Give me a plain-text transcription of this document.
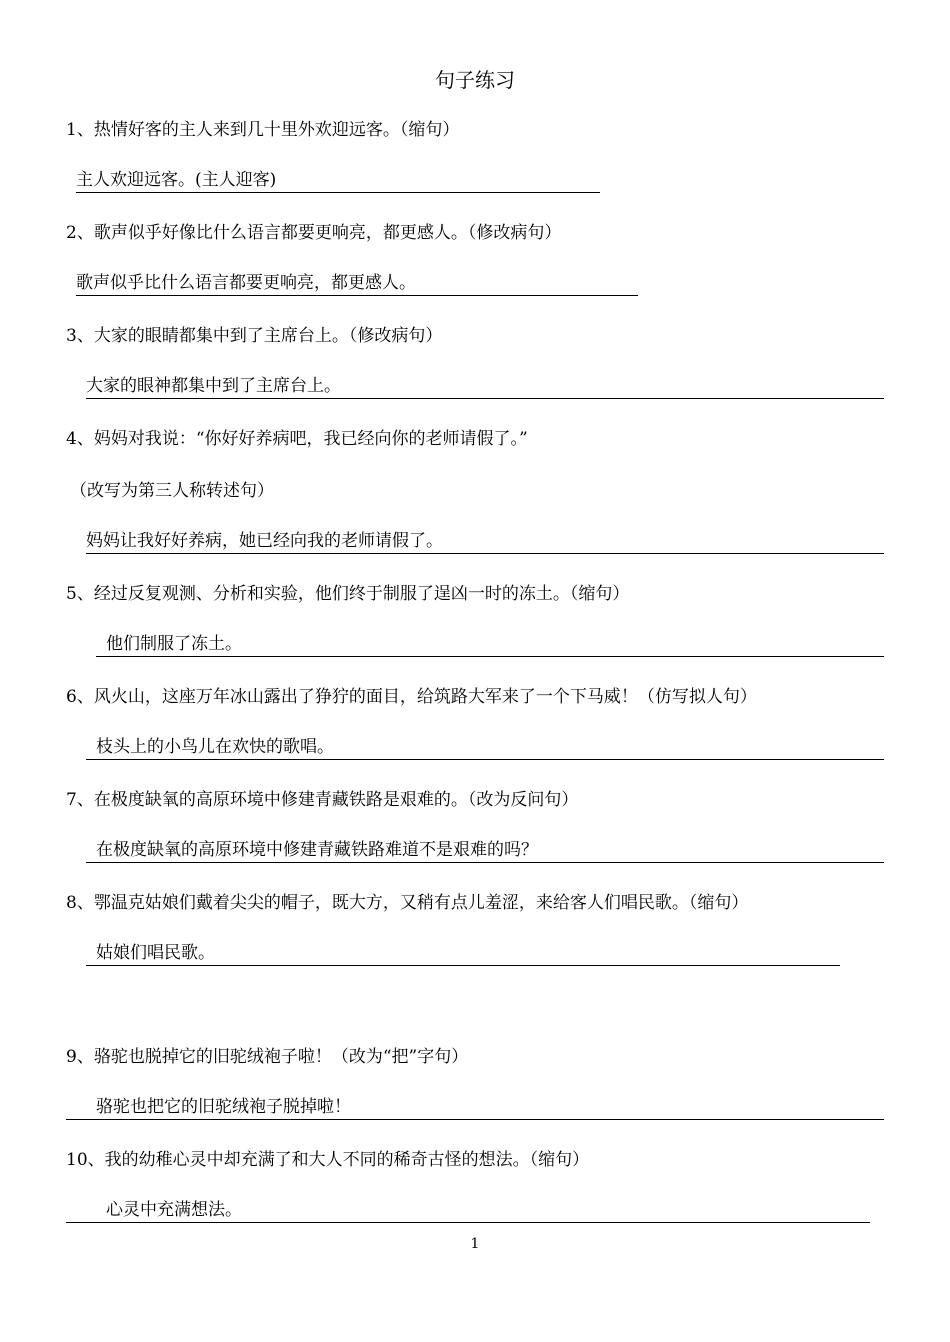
句子练习
1、热情好客的主人来到几十里外欢迎远客。（缩句）
主人欢迎远客。(主人迎客)
2、歌声似乎好像比什么语言都要更响亮，都更感人。（修改病句）
歌声似乎比什么语言都要更响亮，都更感人。
3、大家的眼睛都集中到了主席台上。（修改病句）
大家的眼神都集中到了主席台上。
4、妈妈对我说：“你好好养病吧，我已经向你的老师请假了。”
（改写为第三人称转述句）
妈妈让我好好养病，她已经向我的老师请假了。
5、经过反复观测、分析和实验，他们终于制服了逞凶一时的冻土。（缩句）
他们制服了冻土。
6、风火山，这座万年冰山露出了狰狞的面目，给筑路大军来了一个下马威！（仿写拟人句）
枝头上的小鸟儿在欢快的歌唱。
7、在极度缺氧的高原环境中修建青藏铁路是艰难的。（改为反问句）
在极度缺氧的高原环境中修建青藏铁路难道不是艰难的吗？
8、鄂温克姑娘们戴着尖尖的帽子，既大方，又稍有点儿羞涩，来给客人们唱民歌。（缩句）
姑娘们唱民歌。
9、骆驼也脱掉它的旧驼绒袍子啦！（改为“把”字句）
骆驼也把它的旧驼绒袍子脱掉啦！
10、我的幼稚心灵中却充满了和大人不同的稀奇古怪的想法。（缩句）
心灵中充满想法。
1
